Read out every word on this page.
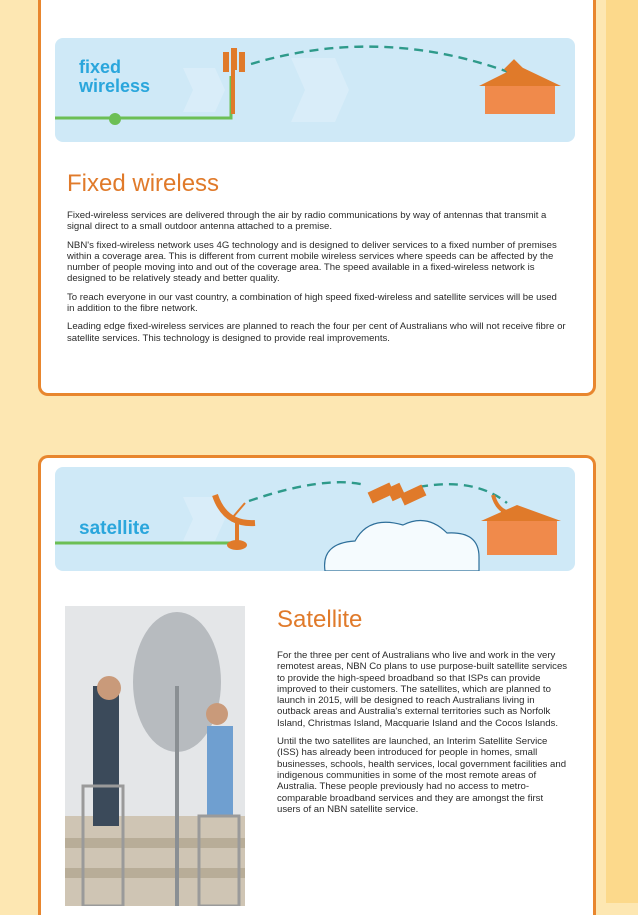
fixed
wireless
Fixed wireless

Fixed-wireless services are delivered through the air by radio communications by way of antennas that transmit a signal direct to a small outdoor antenna attached to a premise.

NBN's fixed-wireless network uses 4G technology and is designed to deliver services to a fixed number of premises within a coverage area. This is different from current mobile wireless services where speeds can be affected by the number of people moving into and out of the coverage area. The speed available in a fixed-wireless network is designed to be relatively steady and better quality.

To reach everyone in our vast country, a combination of high speed fixed-wireless and satellite services will be used in addition to the fibre network.

Leading edge fixed-wireless services are planned to reach the four per cent of Australians who will not receive fibre or satellite services. This technology is designed to provide real improvements.

satellite
Satellite

For the three per cent of Australians who live and work in the very remotest areas, NBN Co plans to use purpose-built satellite services to provide the high-speed broadband so that ISPs can provide improved to their customers. The satellites, which are planned to launch in 2015, will be designed to reach Australians living in outback areas and Australia's external territories such as Norfolk Island, Christmas Island, Macquarie Island and the Cocos Islands.

Until the two satellites are launched, an Interim Satellite Service (ISS) has already been introduced for people in homes, small businesses, schools, health services, local government facilities and indigenous communities in some of the most remote areas of Australia. These people previously had no access to metro-comparable broadband services and they are amongst the first users of an NBN satellite service.
